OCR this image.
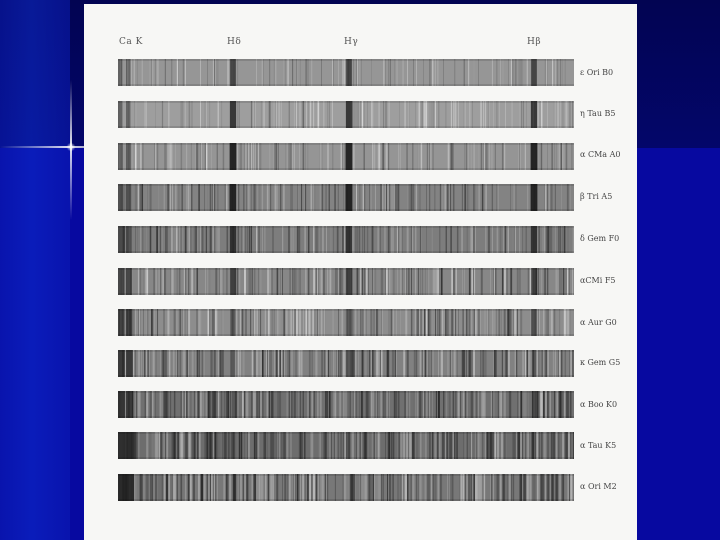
Ca K	Hδ	Hγ	Hβ
ε Ori B0
η Tau B5
α CMa A0
β Tri A5
δ Gem F0
αCMi F5
α Aur G0
κ Gem G5
α Boo K0
α Tau K5
α Ori M2
